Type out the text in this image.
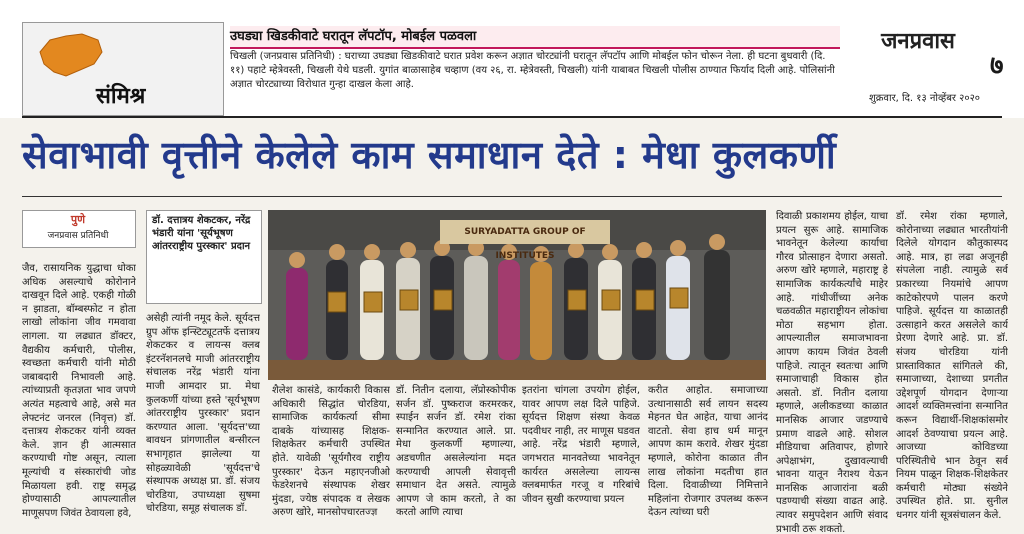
संमिश्र
उघड्या खिडकीवाटे घरातून लॅपटॉप, मोबईल पळवला
चिखली (जनप्रवास प्रतिनिधी) : घराच्या उघड्या खिडकीवाटे घरात प्रवेश करून अज्ञात चोरट्यांनी घरातून लॅपटॉप आणि मोबईल फोन चोरून नेला. ही घटना बुधवारी (दि. ११) पहाटे म्हेत्रेवस्ती, चिखली येथे घडली. युगांत बाळासाहेब चव्हाण (वय २६, रा. म्हेत्रेवस्ती, चिखली) यांनी याबाबत चिखली पोलीस ठाण्यात फिर्याद दिली आहे. पोलिसांनी अज्ञात चोरट्याच्या विरोधात गुन्हा दाखल केला आहे.
जनप्रवास
७
शुक्रवार, दि. १३ नोव्हेंबर २०२०
सेवाभावी वृत्तीने केलेले काम समाधान देते : मेधा कुलकर्णी
पुणे
जनप्रवास प्रतिनिधी
डॉ. दत्तात्रय शेकटकर, नरेंद्र भंडारी यांना 'सूर्यभूषण आंतरराष्ट्रीय पुरस्कार' प्रदान
SURYADATTA GROUP OF INSTITUTES
जैव, रासायनिक युद्धाचा धोका अधिक असल्याचे कोरोनाने दाखवून दिले आहे. एकही गोळी न झाडता, बॉम्बस्फोट न होता लाखो लोकांना जीव गमवावा लागला. या लढ्यात डॉक्टर, वैद्यकीय कर्मचारी, पोलीस, स्वच्छता कर्मचारी यांनी मोठी जबाबदारी निभावली आहे. त्यांच्याप्रती कृतज्ञता भाव जपणे अत्यंत महत्वाचे आहे, असे मत लेफ्टनंट जनरल (निवृत्त) डॉ. दत्तात्रय शेकटकर यांनी व्यक्त केले. ज्ञान ही आत्मसात करण्याची गोष्ट असून, त्याला मूल्यांची व संस्कारांची जोड मिळायला हवी. राष्ट्र समृद्ध होण्यासाठी आपल्यातील माणूसपण जिवंत ठेवायला हवे,
असेही त्यांनी नमूद केले. सूर्यदत्त ग्रुप ऑफ इन्स्टिट्यूटतर्फे दत्तात्रय शेकटकर व लायन्स क्लब इंटरनॅशनलचे माजी आंतरराष्ट्रीय संचालक नरेंद्र भंडारी यांना माजी आमदार प्रा. मेधा कुलकर्णी यांच्या हस्ते 'सूर्यभूषण आंतरराष्ट्रीय पुरस्कार' प्रदान करण्यात आला. 'सूर्यदत्त'च्या बावधन प्रांगणातील बन्सीरत्न सभागृहात झालेल्या या सोहळ्यावेळी 'सूर्यदत्त'चे संस्थापक अध्यक्ष प्रा. डॉ. संजय चोरडिया, उपाध्यक्षा सुषमा चोरडिया, समूह संचालक डॉ.
शैलेश कासंडे, कार्यकारी विकास अधिकारी सिद्धांत चोरडिया, सामाजिक कार्यकर्त्या सीमा दाबके यांच्यासह शिक्षक-शिक्षकेतर कर्मचारी उपस्थित होते. यावेळी 'सूर्यगौरव राष्ट्रीय पुरस्कार' देऊन महाएनजीओ फेडरेशनचे संस्थापक शेखर मुंदडा, ज्येष्ठ संपादक व लेखक अरुण खोरे, मानसोपचारतज्ज्ञ
डॉ. नितीन दलाया, लॅप्रोस्कोपीक सर्जन डॉ. पुष्कराज करमरकर, स्पाईन सर्जन डॉ. रमेश रांका सन्मानित करण्यात आले. प्रा. मेधा कुलकर्णी म्हणाल्या, अडचणीत असलेल्यांना मदत करण्याची आपली सेवावृत्ती समाधान देत असते. त्यामुळे आपण जे काम करतो, ते का करतो आणि त्याचा
इतरांना चांगला उपयोग होईल, यावर आपण लक्ष दिले पाहिजे. सूर्यदत्त शिक्षण संस्था केवळ पदवीधर नाही, तर माणूस घडवत आहे. नरेंद्र भंडारी म्हणाले, जगभरात मानवतेच्या भावनेतून कार्यरत असलेल्या लायन्स क्लबमार्फत गरजू व गरिबांचे जीवन सुखी करण्याचा प्रयत्न
करीत आहोत. समाजाच्या उत्थानासाठी सर्व लायन सदस्य मेहनत घेत आहेत, याचा आनंद वाटतो. सेवा हाच धर्म मानून आपण काम करावे. शेखर मुंदडा म्हणाले, कोरोना काळात तीन लाख लोकांना मदतीचा हात दिला. दिवाळीच्या निमित्ताने महिलांना रोजगार उपलब्ध करून देऊन त्यांच्या घरी
दिवाळी प्रकाशमय होईल, याचा प्रयत्न सुरू आहे. सामाजिक भावनेतून केलेल्या कार्याचा गौरव प्रोत्साहन देणारा असतो. अरुण खोरे म्हणाले, महाराष्ट्र हे सामाजिक कार्यकर्त्यांचे माहेर आहे. गांधीजींच्या अनेक चळवळीत महाराष्ट्रीयन लोकांचा मोठा सहभाग होता. आपल्यातील समाजभावना आपण कायम जिवंत ठेवली पाहिजे. त्यातून स्वतःचा आणि समाजाचाही विकास होत असतो. डॉ. नितीन दलाया म्हणाले, अलीकडच्या काळात मानसिक आजार जडण्याचे प्रमाण वाढले आहे. सोशल मीडियाचा अतिवापर, होणारे अपेक्षाभंग, दुखावल्याची भावना यातून नैराश्य येऊन मानसिक आजारांना बळी पडण्याची संख्या वाढत आहे. त्यावर समुपदेशन आणि संवाद प्रभावी ठरू शकतो.
डॉ. रमेश रांका म्हणाले, कोरोनाच्या लढ्यात भारतीयांनी दिलेले योगदान कौतुकास्पद आहे. मात्र, हा लढा अजूनही संपलेला नाही. त्यामुळे सर्व प्रकारच्या नियमांचे आपण काटेकोरपणे पालन करणे पाहिजे. सूर्यदत्त या काळातही उत्साहाने करत असलेले कार्य प्रेरणा देणारे आहे. प्रा. डॉ. संजय चोरडिया यांनी प्रास्ताविकात सांगितले की, समाजाच्या, देशाच्या प्रगतीत उद्देशपूर्ण योगदान देणाऱ्या आदर्श व्यक्तिमत्त्वांना सन्मानित करून विद्यार्थी-शिक्षकांसमोर आदर्श ठेवण्याचा प्रयत्न आहे. आजच्या कोविडच्या परिस्थितीचे भान ठेवून सर्व नियम पाळून शिक्षक-शिक्षकेतर कर्मचारी मोठ्या संख्येने उपस्थित होते. प्रा. सुनील धनगर यांनी सूत्रसंचालन केले.
